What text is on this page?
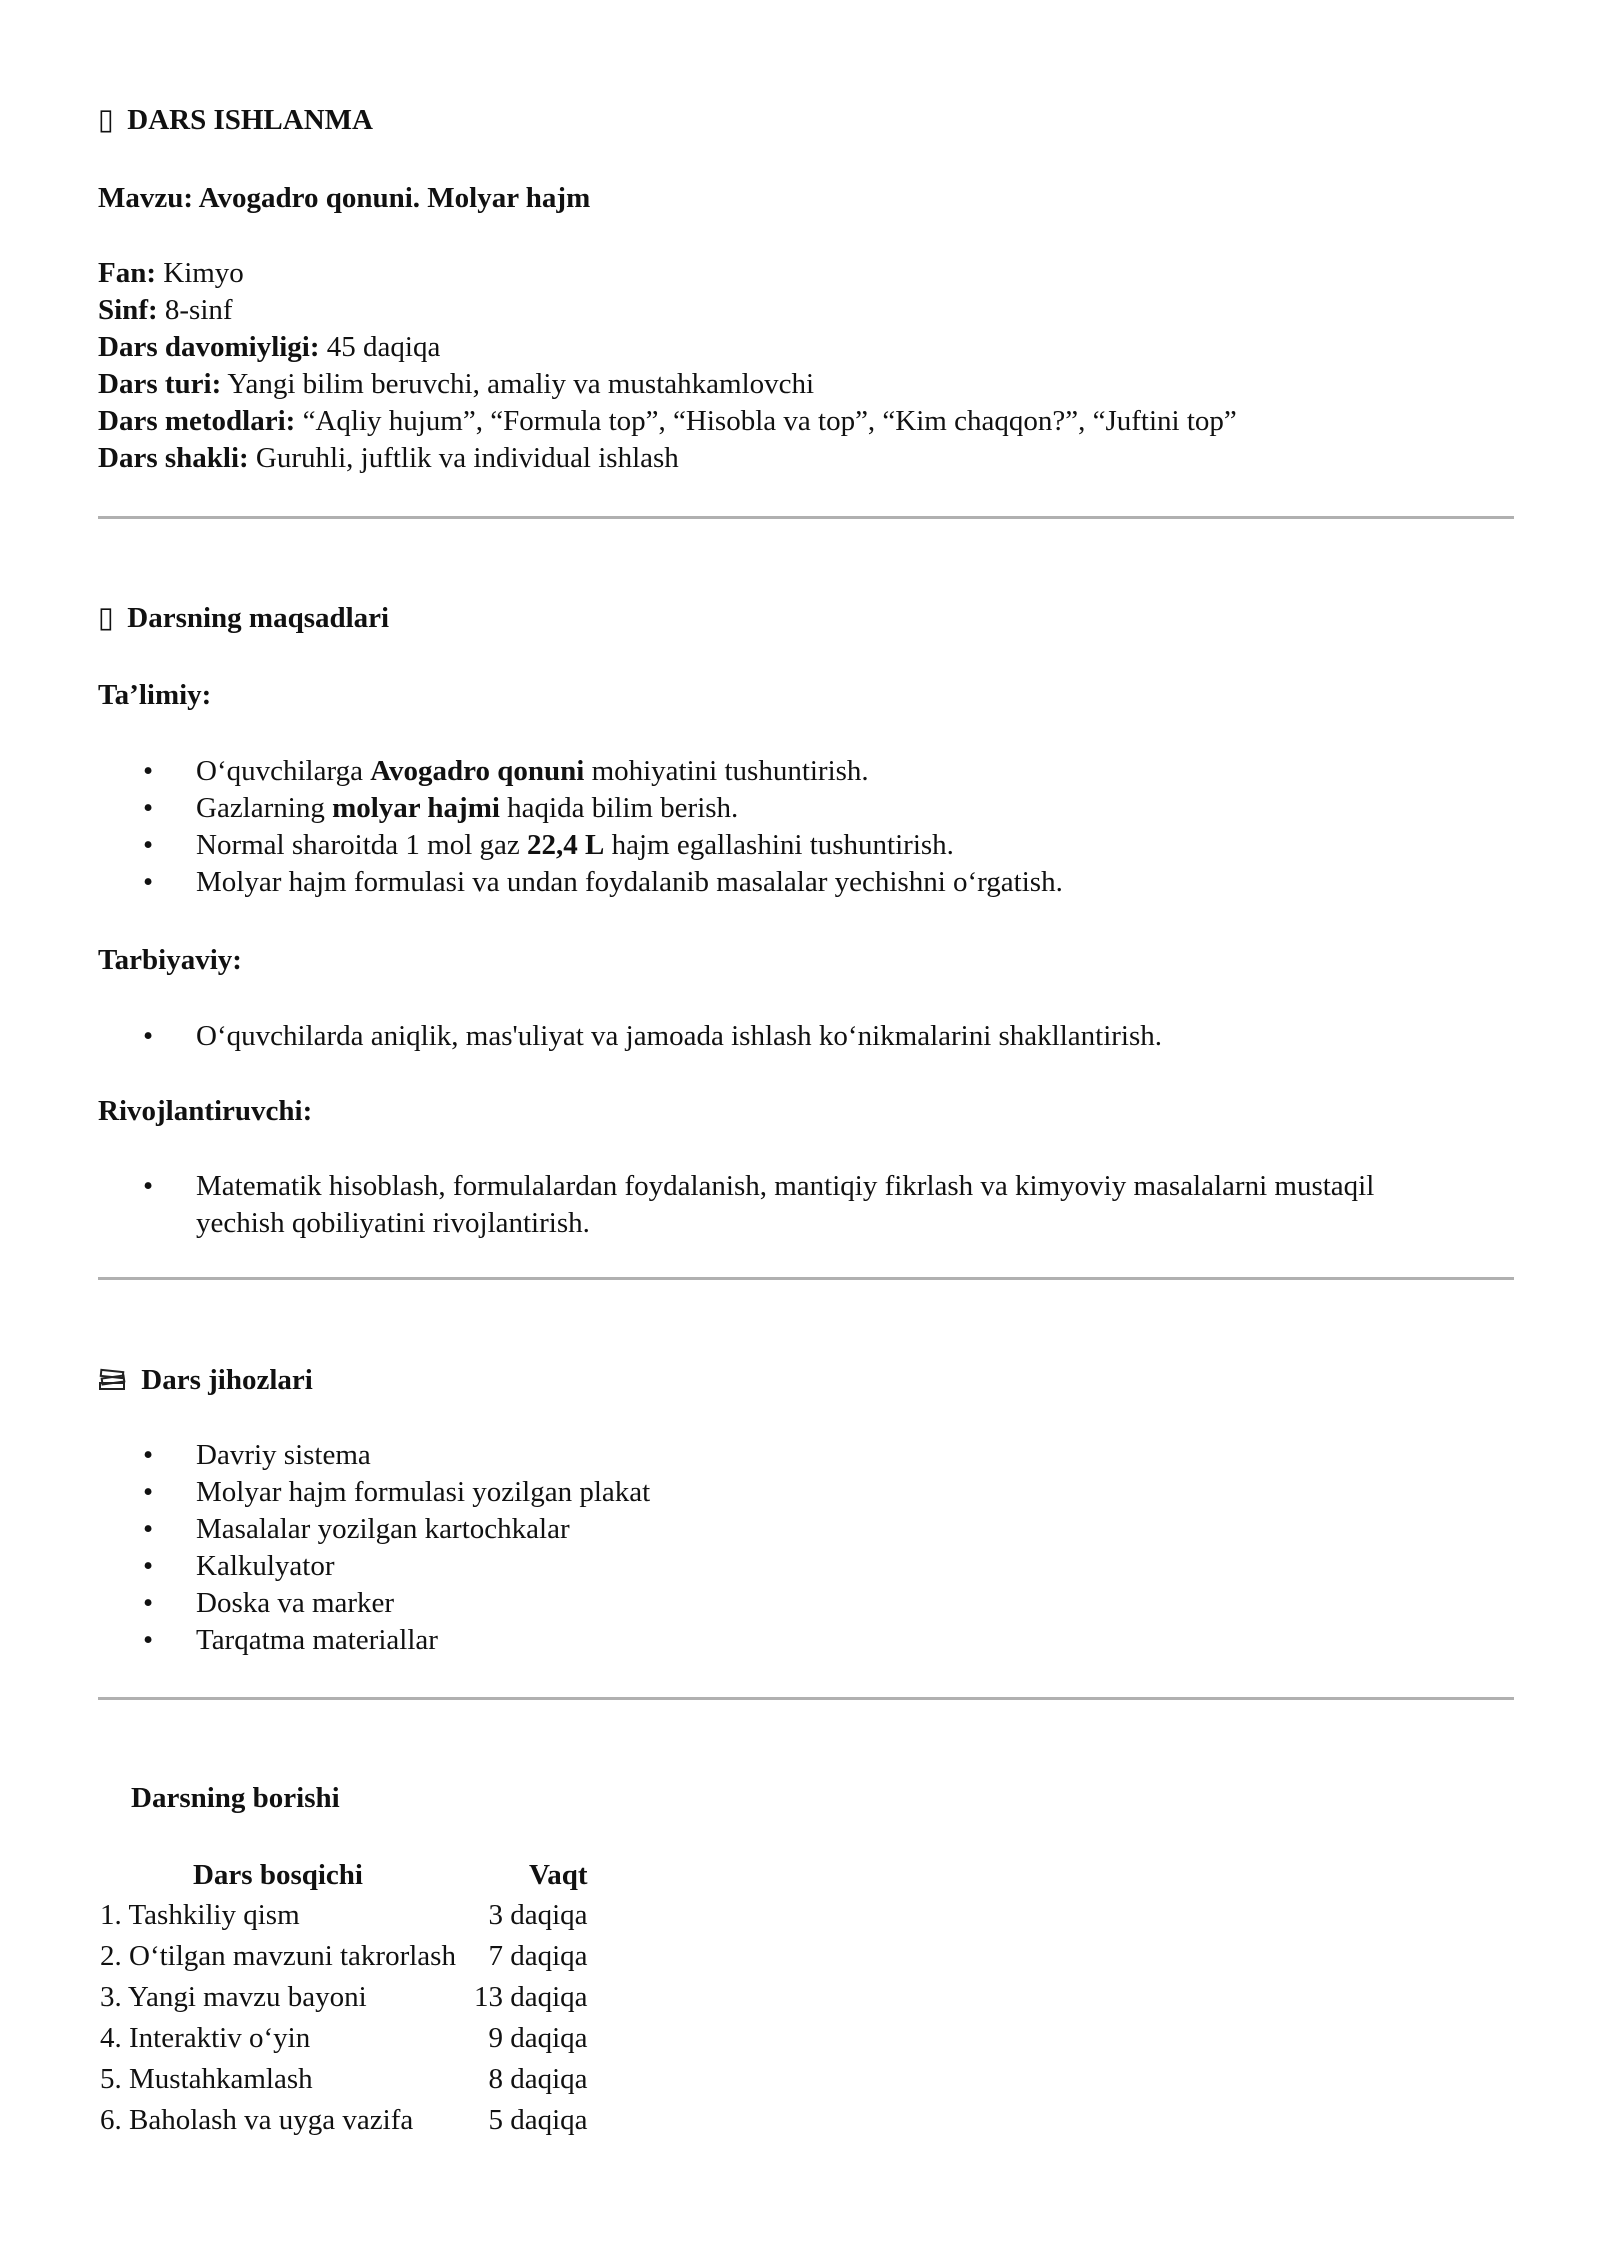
▯ DARS ISHLANMA

Mavzu: Avogadro qonuni. Molyar hajm

Fan: Kimyo

Sinf: 8-sinf

Dars davomiyligi: 45 daqiqa

Dars turi: Yangi bilim beruvchi, amaliy va mustahkamlovchi

Dars metodlari: “Aqliy hujum”, “Formula top”, “Hisobla va top”, “Kim chaqqon?”, “Juftini top”

Dars shakli: Guruhli, juftlik va individual ishlash

▯ Darsning maqsadlari

Ta’limiy:

• O‘quvchilarga Avogadro qonuni mohiyatini tushuntirish.
• Gazlarning molyar hajmi haqida bilim berish.
• Normal sharoitda 1 mol gaz 22,4 L hajm egallashini tushuntirish.
• Molyar hajm formulasi va undan foydalanib masalalar yechishni o‘rgatish.

Tarbiyaviy:

• O‘quvchilarda aniqlik, mas'uliyat va jamoada ishlash ko‘nikmalarini shakllantirish.

Rivojlantiruvchi:

• Matematik hisoblash, formulalardan foydalanish, mantiqiy fikrlash va kimyoviy masalalarni mustaqil yechish qobiliyatini rivojlantirish.

Dars jihozlari

• Davriy sistema
• Molyar hajm formulasi yozilgan plakat
• Masalalar yozilgan kartochkalar
• Kalkulyator
• Doska va marker
• Tarqatma materiallar

Darsning borishi

Dars bosqichi	Vaqt
1. Tashkiliy qism	3 daqiqa
2. O‘tilgan mavzuni takrorlash	7 daqiqa
3. Yangi mavzu bayoni	13 daqiqa
4. Interaktiv o‘yin	9 daqiqa
5. Mustahkamlash	8 daqiqa
6. Baholash va uyga vazifa	5 daqiqa
